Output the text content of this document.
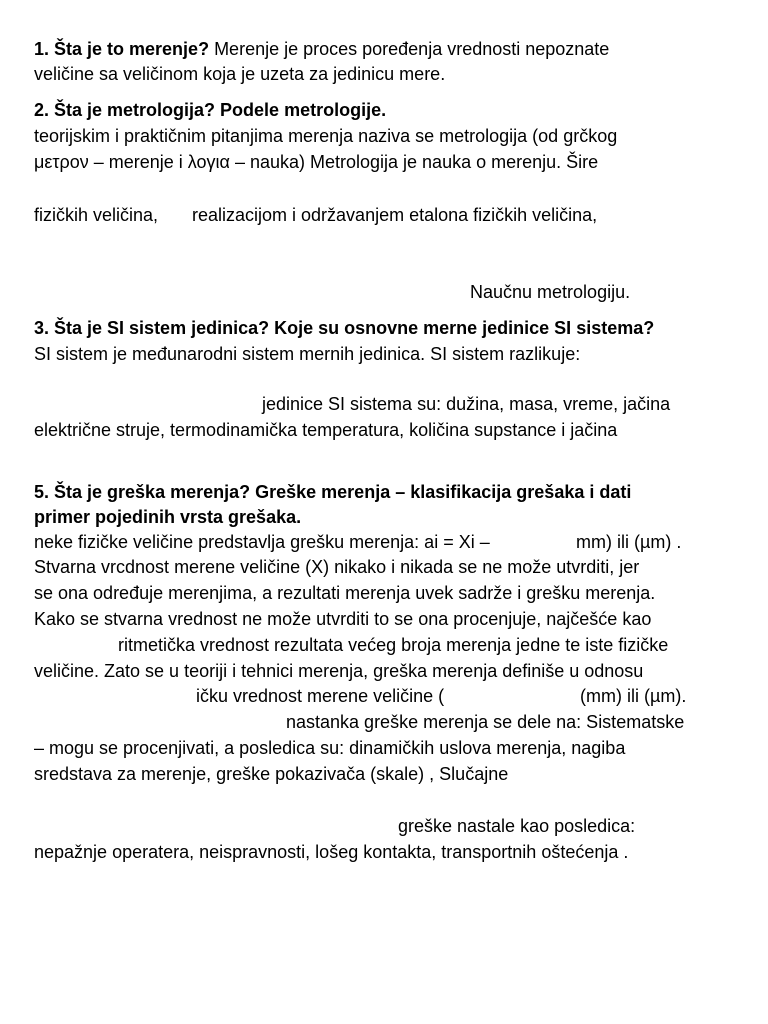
1. Šta je to merenje? Merenje je proces poređenja vrednosti nepoznate
veličine sa veličinom koja je uzeta za jedinicu mere.
2. Šta je metrologija? Podele metrologije.
teorijskim i praktičnim pitanjima merenja naziva se metrologija (od grčkog
μετρον – merenje i λογια – nauka) Metrologija je nauka o merenju. Šire
fizičkih veličina, realizacijom i održavanjem etalona fizičkih veličina,
Naučnu metrologiju.
3. Šta je SI sistem jedinica? Koje su osnovne merne jedinice SI sistema?
SI sistem je međunarodni sistem mernih jedinica. SI sistem razlikuje:
jedinice SI sistema su: dužina, masa, vreme, jačina
električne struje, termodinamička temperatura, količina supstance i jačina
5. Šta je greška merenja? Greške merenja – klasifikacija grešaka i dati
primer pojedinih vrsta grešaka.
neke fizičke veličine predstavlja grešku merenja: ai = Xi –	mm) ili (µm) .
Stvarna vrcdnost merene veličine (X) nikako i nikada se ne može utvrditi, jer
se ona određuje merenjima, a rezultati merenja uvek sadrže i grešku merenja.
Kako se stvarna vrednost ne može utvrditi to se ona procenjuje, najčešće kao
ritmetička vrednost rezultata većeg broja merenja jedne te iste fizičke
veličine. Zato se u teoriji i tehnici merenja, greška merenja definiše u odnosu
ičku vrednost merene veličine (	(mm) ili (µm).
nastanka greške merenja se dele na: Sistematske
– mogu se procenjivati, a posledica su: dinamičkih uslova merenja, nagiba
sredstava za merenje, greške pokazivača (skale) , Slučajne
greške nastale kao posledica:
nepažnje operatera, neispravnosti, lošeg kontakta, transportnih oštećenja .
